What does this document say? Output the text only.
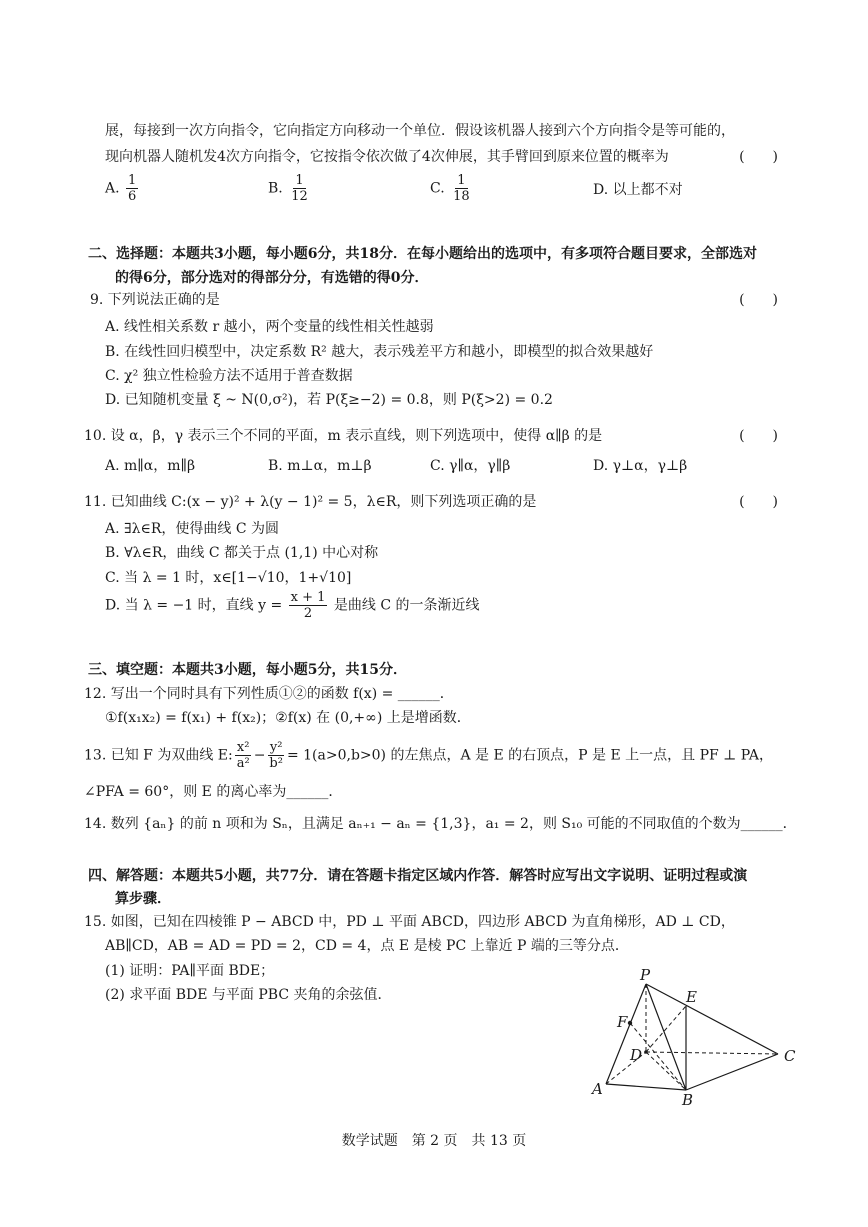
展，每接到一次方向指令，它向指定方向移动一个单位．假设该机器人接到六个方向指令是等可能的，
现向机器人随机发4次方向指令，它按指令依次做了4次伸展，其手臂回到原来位置的概率为	(　　)
A. $\frac{1}{6}$	B. $\frac{1}{12}$	C. $\frac{1}{18}$	D. 以上都不对
二、选择题：本题共3小题，每小题6分，共18分．在每小题给出的选项中，有多项符合题目要求，全部选对
的得6分，部分选对的得部分分，有选错的得0分．
9. 下列说法正确的是	(　　)
A. 线性相关系数 r 越小，两个变量的线性相关性越弱
B. 在线性回归模型中，决定系数 R² 越大，表示残差平方和越小，即模型的拟合效果越好
C. χ² 独立性检验方法不适用于普查数据
D. 已知随机变量 ξ ~ N(0,σ²)，若 P(ξ≥−2) = 0.8，则 P(ξ>2) = 0.2
10. 设 α，β，γ 表示三个不同的平面，m 表示直线，则下列选项中，使得 α∥β 的是	(　　)
A. m∥α，m∥β	B. m⊥α，m⊥β	C. γ∥α，γ∥β	D. γ⊥α，γ⊥β
11. 已知曲线 C:(x − y)² + λ(y − 1)² = 5，λ∈R，则下列选项正确的是	(　　)
A. ∃λ∈R，使得曲线 C 为圆
B. ∀λ∈R，曲线 C 都关于点 (1,1) 中心对称
C. 当 λ = 1 时，x∈[1−√10，1+√10]
D. 当 λ = −1 时，直线 $y = \frac{x + 1}{2}$ 是曲线 C 的一条渐近线
三、填空题：本题共3小题，每小题5分，共15分．
12. 写出一个同时具有下列性质①②的函数 f(x) = ______．
①f(x₁x₂) = f(x₁) + f(x₂)；②f(x) 在 (0,+∞) 上是增函数．
13. 已知 F 为双曲线 E: $\frac{\text{x²}}{\text{a²}} - \frac{\text{y²}}{\text{b²}} = 1(a>0,b>0)$ 的左焦点，A 是 E 的右顶点，P 是 E 上一点，且 PF ⊥ PA，
∠PFA = 60°，则 E 的离心率为______．
14. 数列 {aₙ} 的前 n 项和为 Sₙ，且满足 aₙ₊₁ − aₙ = {1,3}，a₁ = 2，则 S₁₀ 可能的不同取值的个数为______．
四、解答题：本题共5小题，共77分．请在答题卡指定区域内作答．解答时应写出文字说明、证明过程或演
算步骤．
15. 如图，已知在四棱锥 P − ABCD 中，PD ⊥ 平面 ABCD，四边形 ABCD 为直角梯形，AD ⊥ CD，
AB∥CD，AB = AD = PD = 2，CD = 4，点 E 是棱 PC 上靠近 P 端的三等分点．
(1) 证明：PA∥平面 BDE；
(2) 求平面 BDE 与平面 PBC 夹角的余弦值．
P
E
F
D	C
A
B
数学试题　第 2 页　共 13 页
